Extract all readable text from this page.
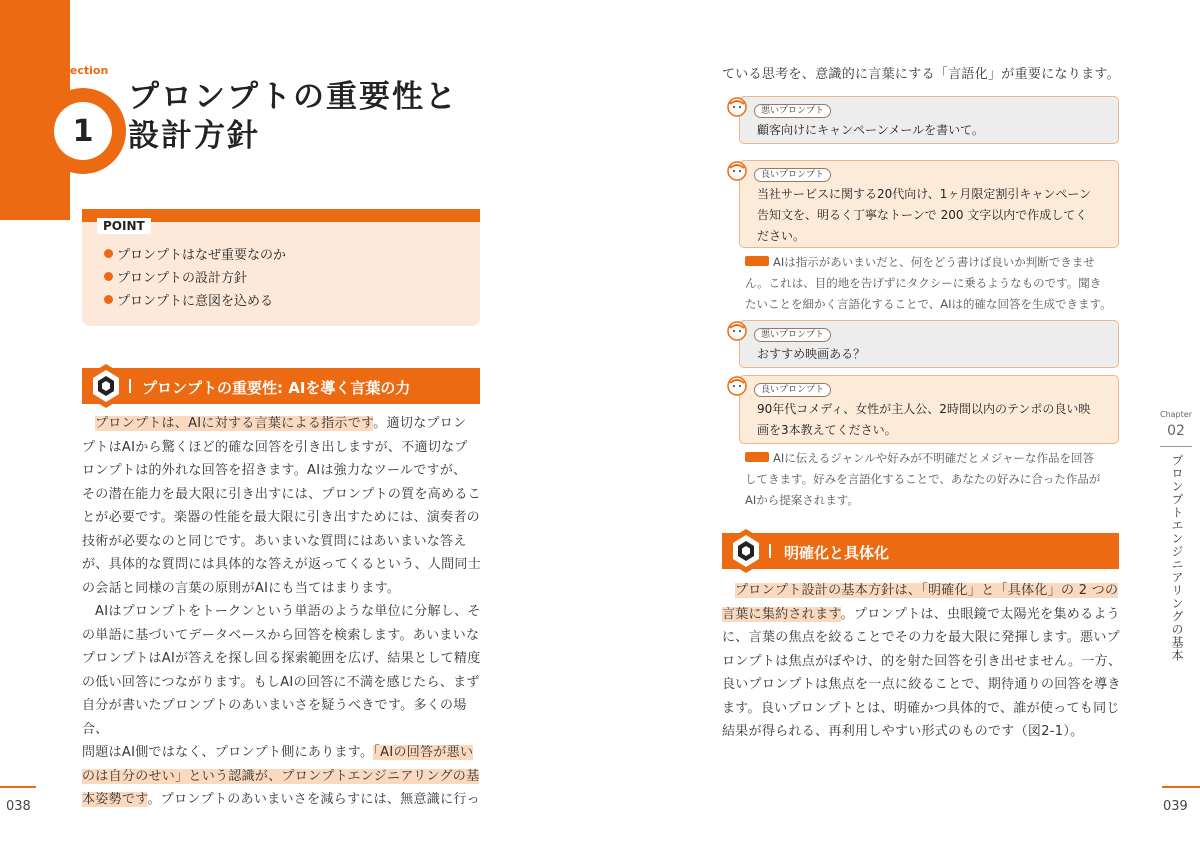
1
Section
プロンプトの重要性と
設計方針
POINT
プロンプトはなぜ重要なのか
プロンプトの設計方針
プロンプトに意図を込める
プロンプトの重要性: AIを導く言葉の力
プロンプトは、AIに対する言葉による指示です。適切なプロン
プトはAIから驚くほど的確な回答を引き出しますが、不適切なプ
ロンプトは的外れな回答を招きます。AIは強力なツールですが、
その潜在能力を最大限に引き出すには、プロンプトの質を高めるこ
とが必要です。楽器の性能を最大限に引き出すためには、演奏者の
技術が必要なのと同じです。あいまいな質問にはあいまいな答え
が、具体的な質問には具体的な答えが返ってくるという、人間同士
の会話と同様の言葉の原則がAIにも当てはまります。
AIはプロンプトをトークンという単語のような単位に分解し、そ
の単語に基づいてデータベースから回答を検索します。あいまいな
プロンプトはAIが答えを探し回る探索範囲を広げ、結果として精度
の低い回答につながります。もしAIの回答に不満を感じたら、まず
自分が書いたプロンプトのあいまいさを疑うべきです。多くの場合、
問題はAI側ではなく、プロンプト側にあります。「AIの回答が悪い
のは自分のせい」という認識が、プロンプトエンジニアリングの基
本姿勢です。プロンプトのあいまいさを減らすには、無意識に行っ
038
ている思考を、意識的に言葉にする「言語化」が重要になります。
悪いプロンプト
顧客向けにキャンペーンメールを書いて。
良いプロンプト
当社サービスに関する20代向け、1ヶ月限定割引キャンペーン
告知文を、明るく丁寧なトーンで 200 文字以内で作成してく
ださい。
AIは指示があいまいだと、何をどう書けば良いか判断できませ
ん。これは、目的地を告げずにタクシーに乗るようなものです。聞き
たいことを細かく言語化することで、AIは的確な回答を生成できます。
悪いプロンプト
おすすめ映画ある？
良いプロンプト
90年代コメディ、女性が主人公、2時間以内のテンポの良い映
画を3本教えてください。
AIに伝えるジャンルや好みが不明確だとメジャーな作品を回答
してきます。好みを言語化することで、あなたの好みに合った作品が
AIから提案されます。
明確化と具体化
プロンプト設計の基本方針は、「明確化」と「具体化」の 2 つの
言葉に集約されます。プロンプトは、虫眼鏡で太陽光を集めるよう
に、言葉の焦点を絞ることでその力を最大限に発揮します。悪いプ
ロンプトは焦点がぼやけ、的を射た回答を引き出せません。一方、
良いプロンプトは焦点を一点に絞ることで、期待通りの回答を導き
ます。良いプロンプトとは、明確かつ具体的で、誰が使っても同じ
結果が得られる、再利用しやすい形式のものです（図2-1）。
Chapter
02
プロンプトエンジニアリングの基本
039
